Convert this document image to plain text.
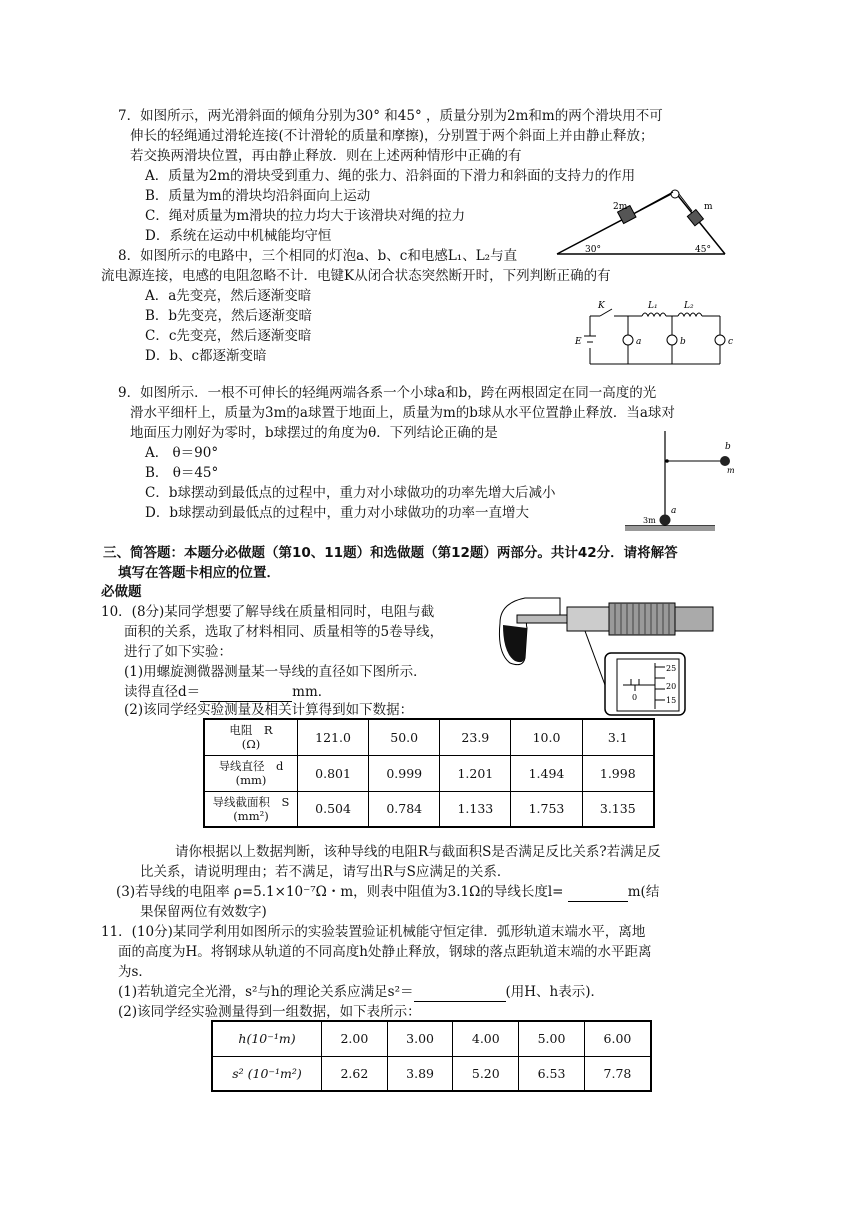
7．如图所示，两光滑斜面的倾角分别为30° 和45° ，质量分别为2m和m的两个滑块用不可
伸长的轻绳通过滑轮连接(不计滑轮的质量和摩擦)，分别置于两个斜面上并由静止释放；
若交换两滑块位置，再由静止释放．则在上述两种情形中正确的有
A．质量为2m的滑块受到重力、绳的张力、沿斜面的下滑力和斜面的支持力的作用
B．质量为m的滑块均沿斜面向上运动
C．绳对质量为m滑块的拉力均大于该滑块对绳的拉力
D．系统在运动中机械能均守恒
2m	m
30°	45°
8．如图所示的电路中，三个相同的灯泡a、b、c和电感L₁、L₂与直
流电源连接，电感的电阻忽略不计．电键K从闭合状态突然断开时，下列判断正确的有
A．a先变亮，然后逐渐变暗
B．b先变亮，然后逐渐变暗
C．c先变亮，然后逐渐变暗
D．b、c都逐渐变暗
K	L₁	L₂
E	a	b	c
9．如图所示．一根不可伸长的轻绳两端各系一个小球a和b，跨在两根固定在同一高度的光
滑水平细杆上，质量为3m的a球置于地面上，质量为m的b球从水平位置静止释放．当a球对
地面压力刚好为零时，b球摆过的角度为θ．下列结论正确的是
A． θ＝90°
B． θ＝45°
C．b球摆动到最低点的过程中，重力对小球做功的功率先增大后减小
D．b球摆动到最低点的过程中，重力对小球做功的功率一直增大
b
m
a
3m
三、简答题：本题分必做题（第10、11题）和选做题（第12题）两部分。共计42分．请将解答
填写在答题卡相应的位置．
必做题
10．(8分)某同学想要了解导线在质量相同时，电阻与截
面积的关系，选取了材料相同、质量相等的5卷导线，
进行了如下实验：
(1)用螺旋测微器测量某一导线的直径如下图所示．
读得直径d＝	mm．
(2)该同学经实验测量及相关计算得到如下数据：
25
20
15
0
电阻　R
(Ω)	121.0	50.0	23.9	10.0	3.1
导线直径　d
(mm)	0.801	0.999	1.201	1.494	1.998
导线截面积　S
(mm²)	0.504	0.784	1.133	1.753	3.135
请你根据以上数据判断，该种导线的电阻R与截面积S是否满足反比关系?若满足反
比关系，请说明理由；若不满足，请写出R与S应满足的关系．
(3)若导线的电阻率 ρ=5.1×10⁻⁷Ω・m，则表中阻值为3.1Ω的导线长度l=	m(结
果保留两位有效数字)
11．(10分)某同学利用如图所示的实验装置验证机械能守恒定律．弧形轨道末端水平，离地
面的高度为H。将钢球从轨道的不同高度h处静止释放，钢球的落点距轨道末端的水平距离
为s．
(1)若轨道完全光滑，s²与h的理论关系应满足s²＝	(用H、h表示)．
(2)该同学经实验测量得到一组数据，如下表所示：
h(10⁻¹m)	2.00	3.00	4.00	5.00	6.00
s² (10⁻¹m²)	2.62	3.89	5.20	6.53	7.78
